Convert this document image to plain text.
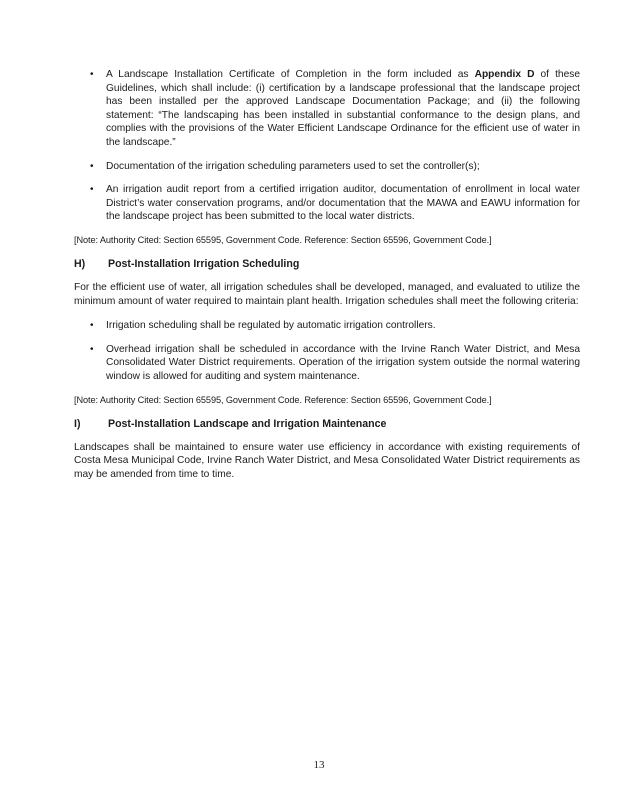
• A Landscape Installation Certificate of Completion in the form included as Appendix D of these Guidelines, which shall include: (i) certification by a landscape professional that the landscape project has been installed per the approved Landscape Documentation Package; and (ii) the following statement: “The landscaping has been installed in substantial conformance to the design plans, and complies with the provisions of the Water Efficient Landscape Ordinance for the efficient use of water in the landscape.”
• Documentation of the irrigation scheduling parameters used to set the controller(s);
• An irrigation audit report from a certified irrigation auditor, documentation of enrollment in local water District’s water conservation programs, and/or documentation that the MAWA and EAWU information for the landscape project has been submitted to the local water districts.

[Note: Authority Cited: Section 65595, Government Code. Reference: Section 65596, Government Code.]

H)	Post-Installation Irrigation Scheduling

For the efficient use of water, all irrigation schedules shall be developed, managed, and evaluated to utilize the minimum amount of water required to maintain plant health. Irrigation schedules shall meet the following criteria:

• Irrigation scheduling shall be regulated by automatic irrigation controllers.
• Overhead irrigation shall be scheduled in accordance with the Irvine Ranch Water District, and Mesa Consolidated Water District requirements. Operation of the irrigation system outside the normal watering window is allowed for auditing and system maintenance.

[Note: Authority Cited: Section 65595, Government Code. Reference: Section 65596, Government Code.]

I)	Post-Installation Landscape and Irrigation Maintenance

Landscapes shall be maintained to ensure water use efficiency in accordance with existing requirements of Costa Mesa Municipal Code, Irvine Ranch Water District, and Mesa Consolidated Water District requirements as may be amended from time to time.

13
